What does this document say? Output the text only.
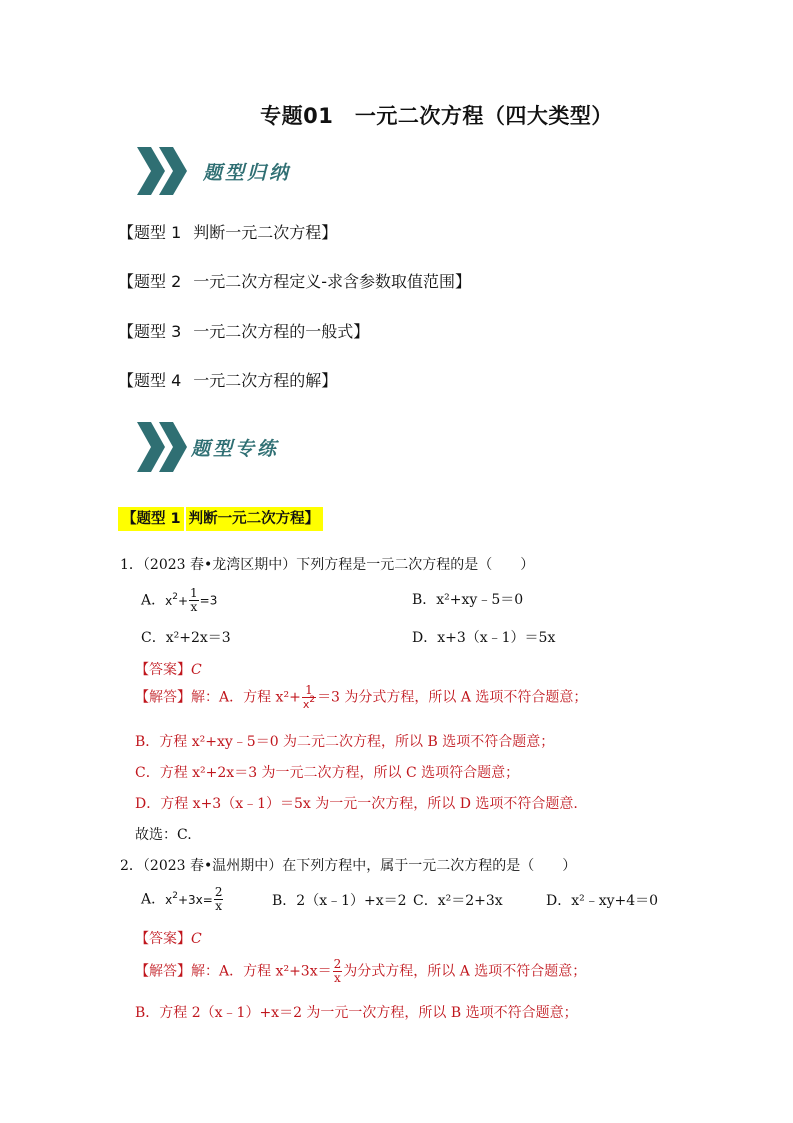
专题01　一元二次方程（四大类型）
题型归纳
【题型 1 判断一元二次方程】
【题型 2 一元二次方程定义-求含参数取值范围】
【题型 3 一元二次方程的一般式】
【题型 4 一元二次方程的解】
题型专练
【题型 1 判断一元二次方程】
1．（2023 春•龙湾区期中）下列方程是一元二次方程的是（　　）
A．$x^2+ \frac{1}{x} =3$	B．x²+xy﹣5＝0
C．x²+2x＝3	D．x+3（x﹣1）＝5x
【答案】C
【解答】解：A．方程 $x^2+ \frac{1}{x^2} =3$ 为分式方程，所以 A 选项不符合题意；
B．方程 x²+xy﹣5＝0 为二元二次方程，所以 B 选项不符合题意；
C．方程 x²+2x＝3 为一元二次方程，所以 C 选项符合题意；
D．方程 x+3（x﹣1）＝5x 为一元一次方程，所以 D 选项不符合题意.
故选：C.
2．（2023 春•温州期中）在下列方程中，属于一元二次方程的是（　　）
A．$x^2+3x= \frac{2}{x}$	B．2（x﹣1）+x＝2 C．x²＝2+3x	D．x²﹣xy+4＝0
【答案】C
【解答】解：A．方程 $x^2+3x= \frac{2}{x}$ 为分式方程，所以 A 选项不符合题意；
B．方程 2（x﹣1）+x＝2 为一元一次方程，所以 B 选项不符合题意；
